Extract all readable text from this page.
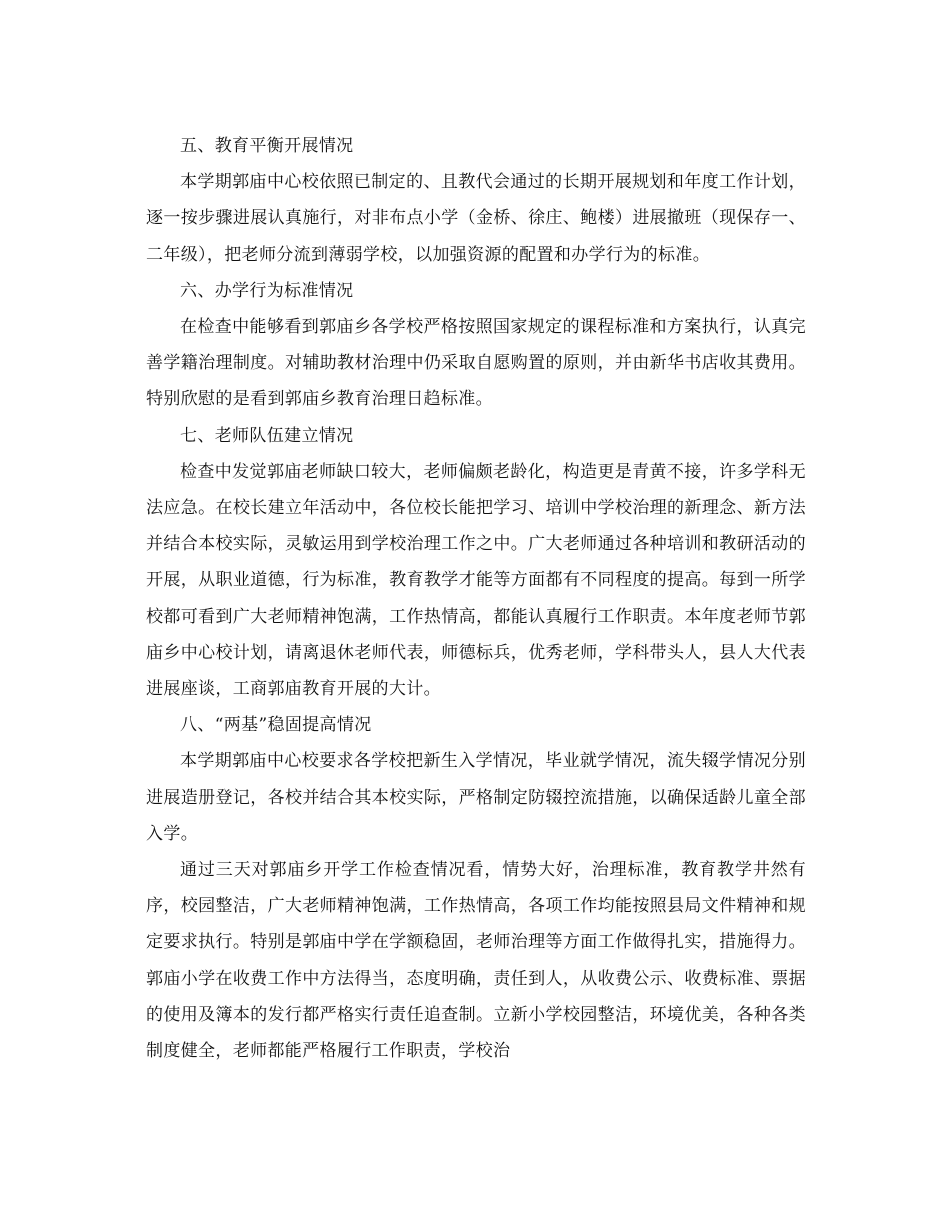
五、教育平衡开展情况

本学期郭庙中心校依照已制定的、且教代会通过的长期开展规划和年度工作计划，逐一按步骤进展认真施行，对非布点小学（金桥、徐庄、鲍楼）进展撤班（现保存一、二年级），把老师分流到薄弱学校，以加强资源的配置和办学行为的标准。

六、办学行为标准情况

在检查中能够看到郭庙乡各学校严格按照国家规定的课程标准和方案执行，认真完善学籍治理制度。对辅助教材治理中仍采取自愿购置的原则，并由新华书店收其费用。特别欣慰的是看到郭庙乡教育治理日趋标准。

七、老师队伍建立情况

检查中发觉郭庙老师缺口较大，老师偏颇老龄化，构造更是青黄不接，许多学科无法应急。在校长建立年活动中，各位校长能把学习、培训中学校治理的新理念、新方法并结合本校实际，灵敏运用到学校治理工作之中。广大老师通过各种培训和教研活动的开展，从职业道德，行为标准，教育教学才能等方面都有不同程度的提高。每到一所学校都可看到广大老师精神饱满，工作热情高，都能认真履行工作职责。本年度老师节郭庙乡中心校计划，请离退休老师代表，师德标兵，优秀老师，学科带头人，县人大代表进展座谈，工商郭庙教育开展的大计。

八、“两基”稳固提高情况

本学期郭庙中心校要求各学校把新生入学情况，毕业就学情况，流失辍学情况分别进展造册登记，各校并结合其本校实际，严格制定防辍控流措施，以确保适龄儿童全部入学。

通过三天对郭庙乡开学工作检查情况看，情势大好，治理标准，教育教学井然有序，校园整洁，广大老师精神饱满，工作热情高，各项工作均能按照县局文件精神和规定要求执行。特别是郭庙中学在学额稳固，老师治理等方面工作做得扎实，措施得力。郭庙小学在收费工作中方法得当，态度明确，责任到人，从收费公示、收费标准、票据的使用及簿本的发行都严格实行责任追查制。立新小学校园整洁，环境优美，各种各类制度健全，老师都能严格履行工作职责，学校治
